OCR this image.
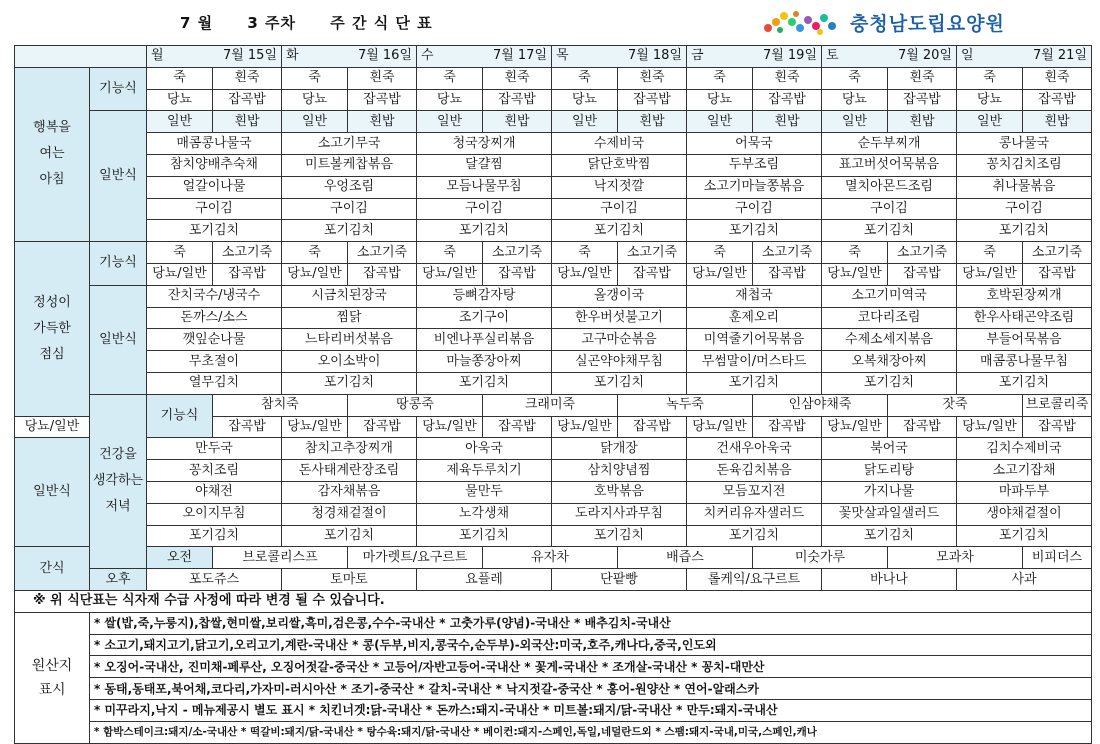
7 월 3 주차 주 간 식 단 표	충청남도립요양원

		월 7월 15일		화 7월 16일		수 7월 17일		목 7월 18일		금 7월 19일		토 7월 20일		일 7월 21일	

행복을
여는
아침	기능식	죽	흰죽	죽	흰죽	죽	흰죽	죽	흰죽	죽	흰죽	죽	흰죽	죽	흰죽
		당뇨	잡곡밥	당뇨	잡곡밥	당뇨	잡곡밥	당뇨	잡곡밥	당뇨	잡곡밥	당뇨	잡곡밥	당뇨	잡곡밥
	일반식	일반	흰밥	일반	흰밥	일반	흰밥	일반	흰밥	일반	흰밥	일반	흰밥	일반	흰밥
		매콤콩나물국		소고기무국		청국장찌개		수제비국		어묵국		순두부찌개		콩나물국	
		참치양배추숙채		미트볼케찹볶음		달걀찜		닭단호박찜		두부조림		표고버섯어묵볶음		꽁치김치조림	
		얼갈이나물		우엉조림		모듬나물무침		낙지젓깔		소고기마늘쫑볶음		멸치아몬드조림		취나물볶음	
		구이김		구이김		구이김		구이김		구이김		구이김		구이김	
		포기김치		포기김치		포기김치		포기김치		포기김치		포기김치		포기김치	

정성이
가득한
점심	기능식	죽	소고기죽	죽	소고기죽	죽	소고기죽	죽	소고기죽	죽	소고기죽	죽	소고기죽	죽	소고기죽
		당뇨/일반	잡곡밥	당뇨/일반	잡곡밥	당뇨/일반	잡곡밥	당뇨/일반	잡곡밥	당뇨/일반	잡곡밥	당뇨/일반	잡곡밥	당뇨/일반	잡곡밥
	일반식	잔치국수/냉국수		시금치된장국		등뼈감자탕		올갱이국		재첩국		소고기미역국		호박된장찌개	
		돈까스/소스		찜닭		조기구이		한우버섯불고기		훈제오리		코다리조림		한우사태곤약조림	
		깻잎순나물		느타리버섯볶음		비엔나푸실리볶음		고구마순볶음		미역줄기어묵볶음		수제소세지볶음		부들어묵볶음	
		무초절이		오이소박이		마늘쫑장아찌		실곤약야채무침		무썸말이/머스타드		오복채장아찌		매콤콩나물무침	
		열무김치		포기김치		포기김치		포기김치		포기김치		포기김치		포기김치	

	건강을
생각하는
저녁	기능식	참치죽		땅콩죽		크래미죽		녹두죽		인삼야채죽		잣죽		브로콜리죽
당뇨/일반			잡곡밥	당뇨/일반	잡곡밥	당뇨/일반	잡곡밥	당뇨/일반	잡곡밥	당뇨/일반	잡곡밥	당뇨/일반	잡곡밥	당뇨/일반	잡곡밥
일반식		만두국		참치고추장찌개		아욱국		닭개장		건새우아욱국		북어국		김치수제비국	
		꽁치조림		돈사태계란장조림		제육두루치기		삼치양념찜		돈육김치볶음		닭도리탕		소고기잡채	
		야채전		감자채볶음		물만두		호박볶음		모듬꼬지전		가지나물		마파두부	
		오이지무침		청경채겉절이		노각생채		도라지사과무침		치커리유자샐러드		꽃맛살과일샐러드		생야채겉절이	
		포기김치		포기김치		포기김치		포기김치		포기김치		포기김치		포기김치	
간식		오전	브로콜리스프		마가렛트/요구르트		유자차		배즙스		미숫가루		모과차		비피더스
	오후	포도쥬스		토마토		요플레		단팥빵		롤케익/요구르트		바나나		사과	
※ 위 식단표는 식자재 수급 사정에 따라 변경 될 수 있습니다.															

원산지
표시	* 쌀(밥,죽,누룽지),찹쌀,현미쌀,보리쌀,흑미,검은콩,수수-국내산 * 고춧가루(양념)-국내산 * 배추김치-국내산														
	* 소고기,돼지고기,닭고기,오리고기,계란-국내산 * 콩(두부,비지,콩국수,순두부)-외국산:미국,호주,캐나다,중국,인도외														
	* 오징어-국내산, 진미채-페루산, 오징어젓갈-중국산 * 고등어/자반고등어-국내산 * 꽃게-국내산 * 조개살-국내산 * 꽁치-대만산														
	* 동태,동태포,북어채,코다리,가자미-러시아산 * 조기-중국산 * 갈치-국내산 * 낙지젓갈-중국산 * 홍어-원양산 * 연어-알래스카														
	* 미꾸라지,낙지 - 메뉴제공시 별도 표시 * 치킨너겟:닭-국내산 * 돈까스:돼지-국내산 * 미트볼:돼지/닭-국내산 * 만두:돼지-국내산														
	* 함박스테이크:돼지/소-국내산 * 떡갈비:돼지/닭-국내산 * 탕수육:돼지/닭-국내산 * 베이컨:돼지-스페인,독일,네덜란드외 * 스팸:돼지-국내,미국,스페인,캐나														
